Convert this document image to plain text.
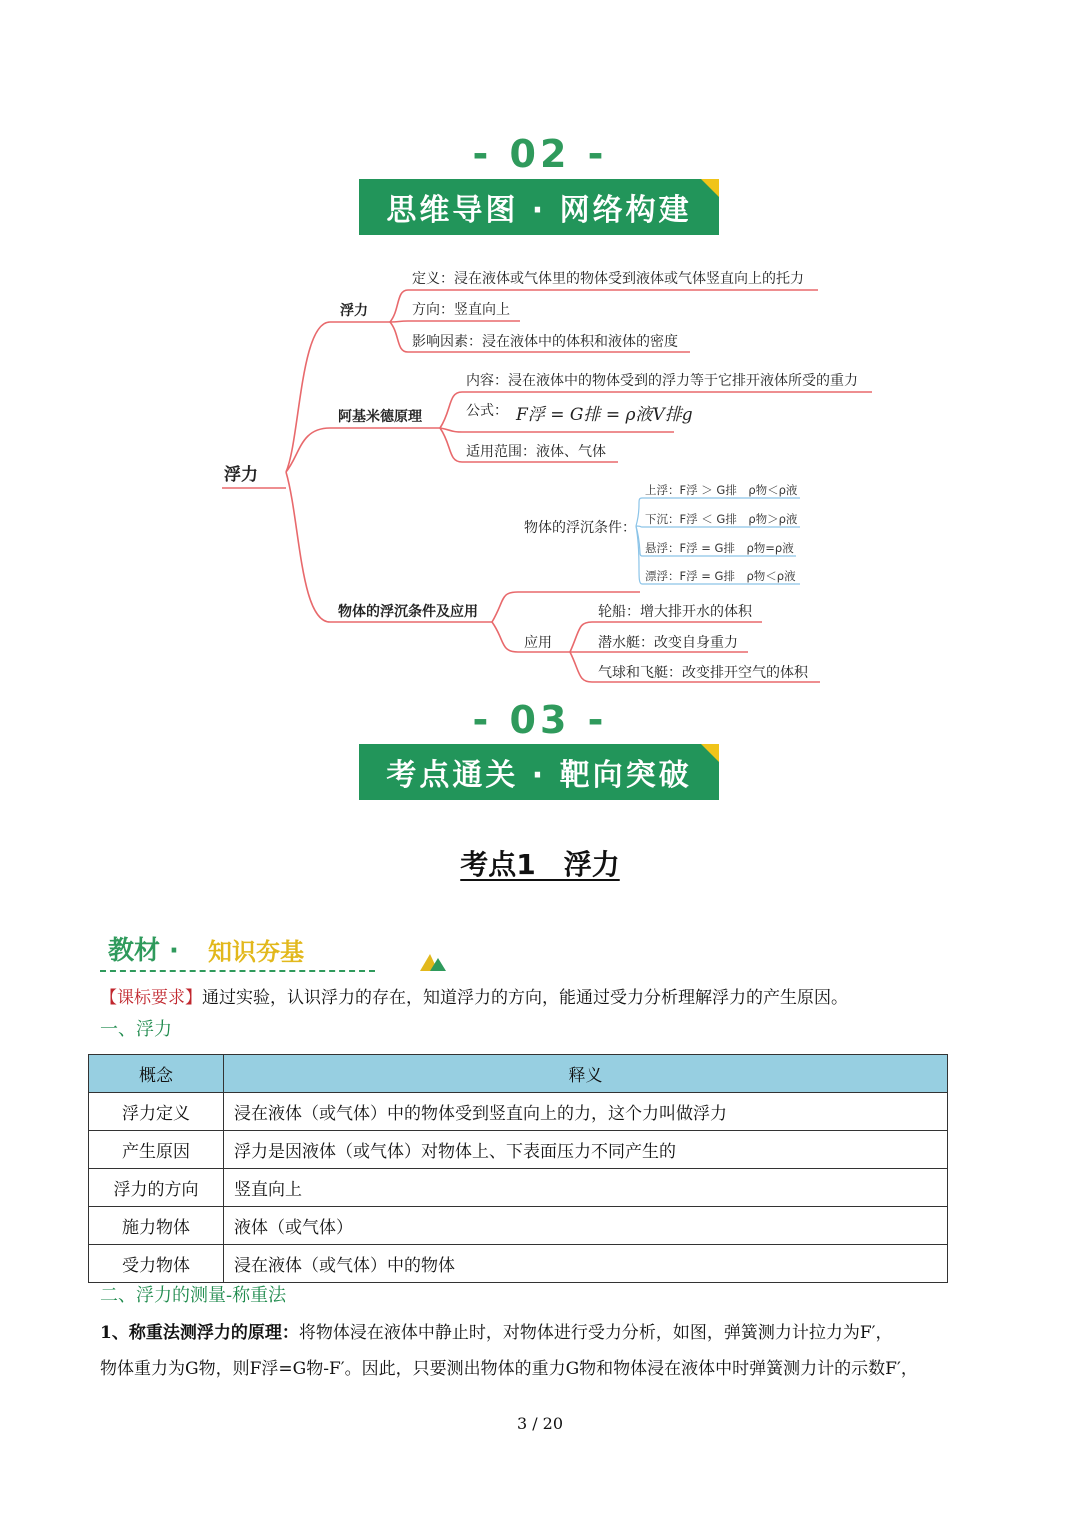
- 02 -
思维导图 · 网络构建
浮力
浮力
定义：浸在液体或气体里的物体受到液体或气体竖直向上的托力
方向：竖直向上
影响因素：浸在液体中的体积和液体的密度
阿基米德原理
内容：浸在液体中的物体受到的浮力等于它排开液体所受的重力
公式： F浮 = G排 = ρ液V排g
适用范围：液体、气体
物体的浮沉条件及应用
物体的浮沉条件：
上浮：F浮 ＞ G排　ρ物＜ρ液
下沉：F浮 ＜ G排　ρ物＞ρ液
悬浮：F浮 = G排　ρ物=ρ液
漂浮：F浮 = G排　ρ物＜ρ液
应用
轮船：增大排开水的体积
潜水艇：改变自身重力
气球和飞艇：改变排开空气的体积
- 03 -
考点通关 · 靶向突破
考点1　浮力
教材 · 知识夯基
【课标要求】通过实验，认识浮力的存在，知道浮力的方向，能通过受力分析理解浮力的产生原因。
一、浮力
概念	释义
浮力定义	浸在液体（或气体）中的物体受到竖直向上的力，这个力叫做浮力
产生原因	浮力是因液体（或气体）对物体上、下表面压力不同产生的
浮力的方向	竖直向上
施力物体	液体（或气体）
受力物体	浸在液体（或气体）中的物体
二、浮力的测量-称重法
1、称重法测浮力的原理：将物体浸在液体中静止时，对物体进行受力分析，如图，弹簧测力计拉力为F′，
物体重力为G物，则F浮=G物-F′。因此，只要测出物体的重力G物和物体浸在液体中时弹簧测力计的示数F′，
3 / 20
